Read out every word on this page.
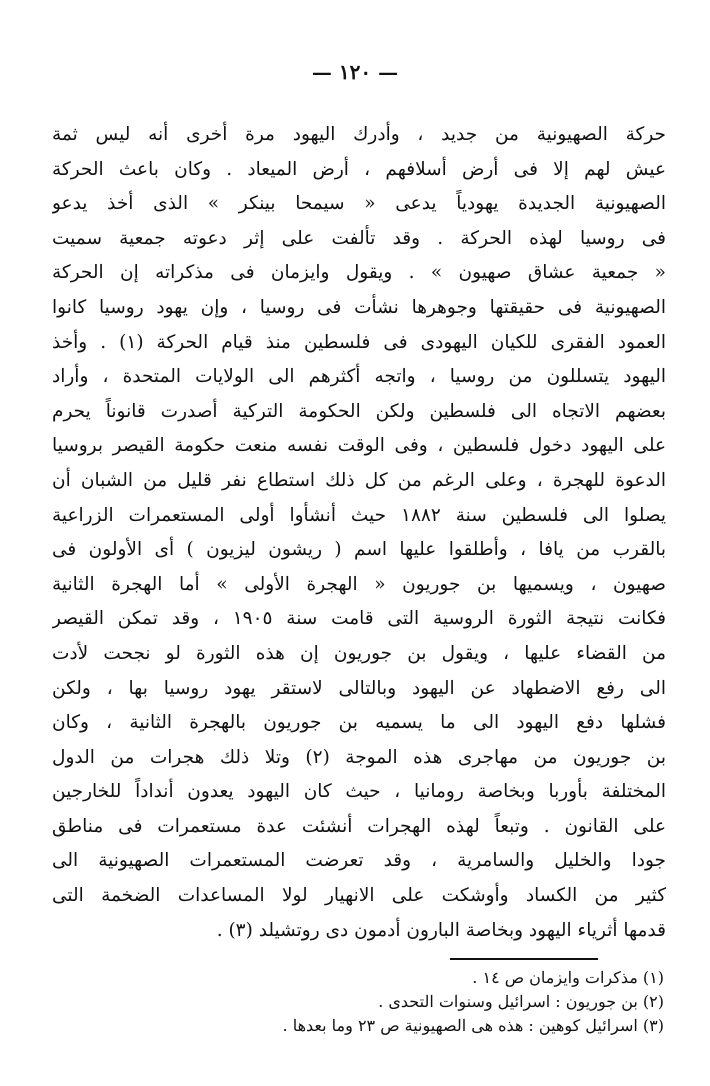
— ١٢٠ —
حركة الصهيونية من جديد ، وأدرك اليهود مرة أخرى أنه ليس ثمة
عيش لهم إلا فى أرض أسلافهم ، أرض الميعاد . وكان باعث الحركة
الصهيونية الجديدة يهودياً يدعى « سيمحا بينكر » الذى أخذ يدعو
فى روسيا لهذه الحركة . وقد تألفت على إثر دعوته جمعية سميت
« جمعية عشاق صهيون » . ويقول وايزمان فى مذكراته إن الحركة
الصهيونية فى حقيقتها وجوهرها نشأت فى روسيا ، وإن يهود روسيا كانوا
العمود الفقرى للكيان اليهودى فى فلسطين منذ قيام الحركة (١) . وأخذ
اليهود يتسللون من روسيا ، واتجه أكثرهم الى الولايات المتحدة ، وأراد
بعضهم الاتجاه الى فلسطين ولكن الحكومة التركية أصدرت قانوناً يحرم
على اليهود دخول فلسطين ، وفى الوقت نفسه منعت حكومة القيصر بروسيا
الدعوة للهجرة ، وعلى الرغم من كل ذلك استطاع نفر قليل من الشبان أن
يصلوا الى فلسطين سنة ١٨٨٢ حيث أنشأوا أولى المستعمرات الزراعية
بالقرب من يافا ، وأطلقوا عليها اسم ( ريشون ليزيون ) أى الأولون فى
صهيون ، ويسميها بن جوريون « الهجرة الأولى » أما الهجرة الثانية
فكانت نتيجة الثورة الروسية التى قامت سنة ١٩٠٥ ، وقد تمكن القيصر
من القضاء عليها ، ويقول بن جوريون إن هذه الثورة لو نجحت لأدت
الى رفع الاضطهاد عن اليهود وبالتالى لاستقر يهود روسيا بها ، ولكن
فشلها دفع اليهود الى ما يسميه بن جوريون بالهجرة الثانية ، وكان
بن جوريون من مهاجرى هذه الموجة (٢) وتلا ذلك هجرات من الدول
المختلفة بأوربا وبخاصة رومانيا ، حيث كان اليهود يعدون أنداداً للخارجين
على القانون . وتبعاً لهذه الهجرات أنشئت عدة مستعمرات فى مناطق
جودا والخليل والسامرية ، وقد تعرضت المستعمرات الصهيونية الى
كثير من الكساد وأوشكت على الانهيار لولا المساعدات الضخمة التى
قدمها أثرياء اليهود وبخاصة البارون أدمون دى روتشيلد (٣) .
(١) مذكرات وايزمان ص ١٤ .
(٢) بن جوريون : اسرائيل وسنوات التحدى .
(٣) اسرائيل كوهين : هذه هى الصهيونية ص ٢٣ وما بعدها .
